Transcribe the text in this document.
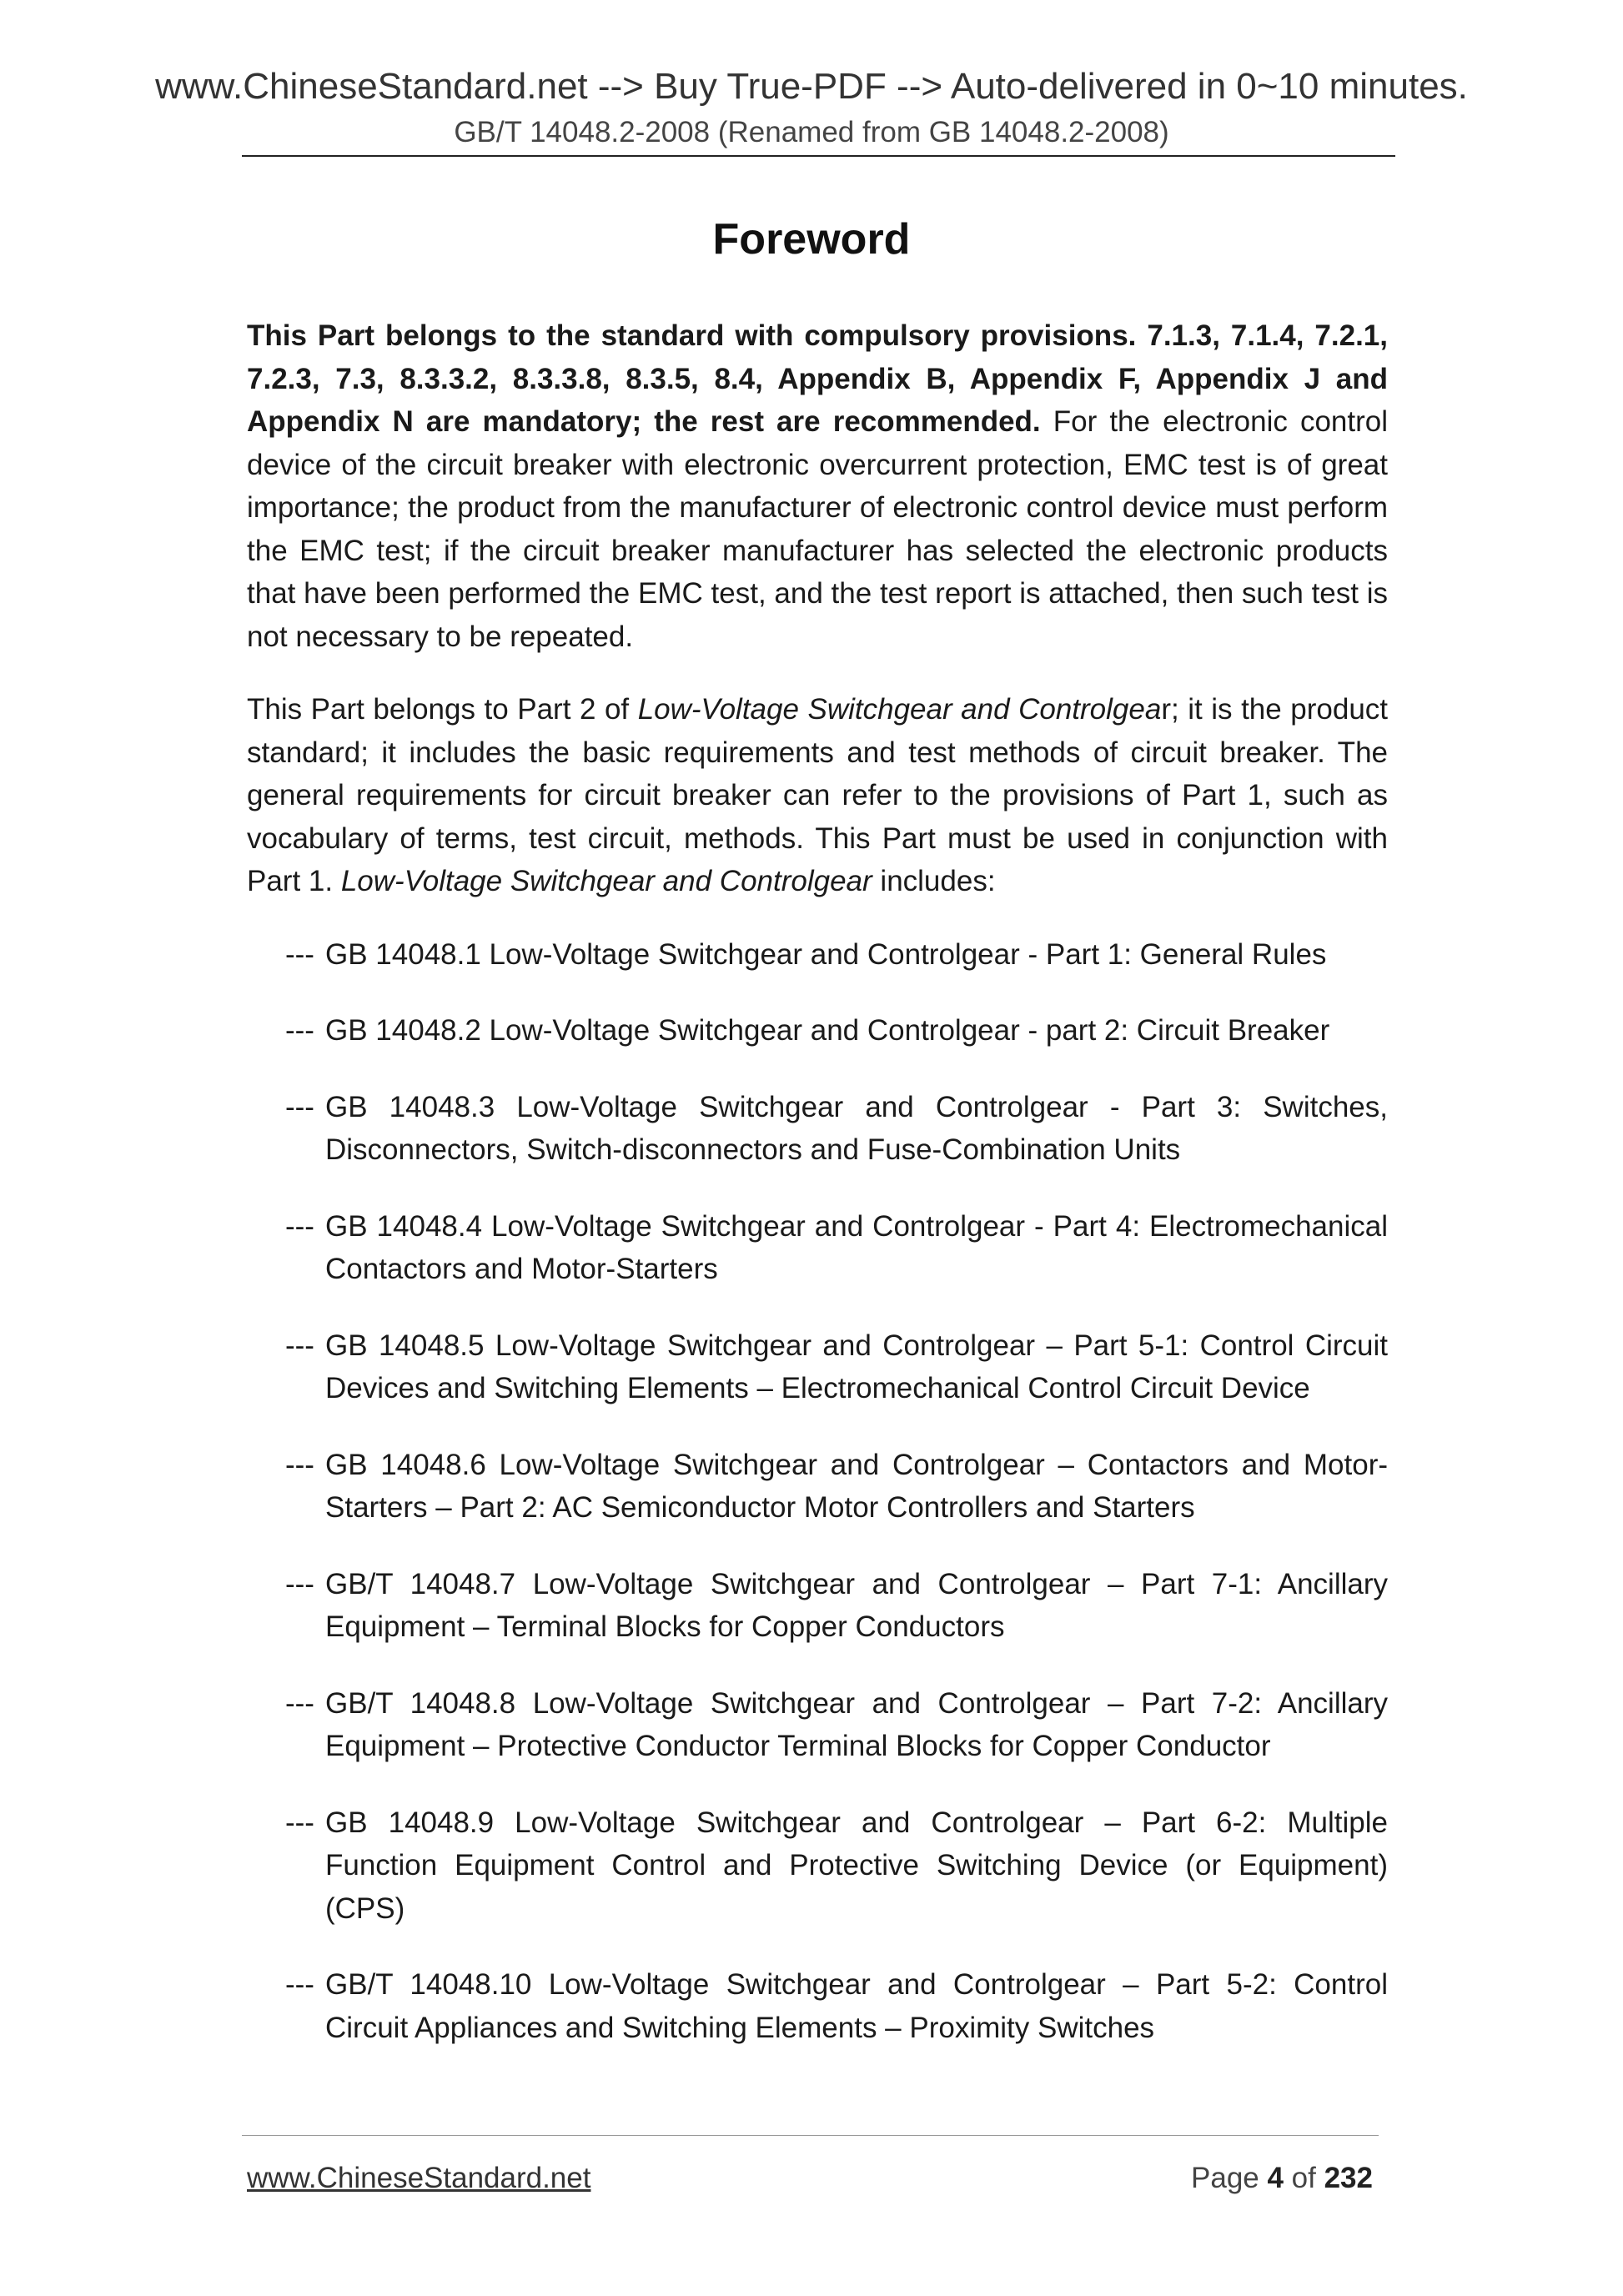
www.ChineseStandard.net --> Buy True-PDF --> Auto-delivered in 0~10 minutes.
GB/T 14048.2-2008 (Renamed from GB 14048.2-2008)
Foreword

This Part belongs to the standard with compulsory provisions. 7.1.3, 7.1.4, 7.2.1, 7.2.3, 7.3, 8.3.3.2, 8.3.3.8, 8.3.5, 8.4, Appendix B, Appendix F, Appendix J and Appendix N are mandatory; the rest are recommended. For the electronic control device of the circuit breaker with electronic overcurrent protection, EMC test is of great importance; the product from the manufacturer of electronic control device must perform the EMC test; if the circuit breaker manufacturer has selected the electronic products that have been performed the EMC test, and the test report is attached, then such test is not necessary to be repeated.

This Part belongs to Part 2 of Low-Voltage Switchgear and Controlgear; it is the product standard; it includes the basic requirements and test methods of circuit breaker. The general requirements for circuit breaker can refer to the provisions of Part 1, such as vocabulary of terms, test circuit, methods. This Part must be used in conjunction with Part 1. Low-Voltage Switchgear and Controlgear includes:

--- GB 14048.1 Low-Voltage Switchgear and Controlgear - Part 1: General Rules
--- GB 14048.2 Low-Voltage Switchgear and Controlgear - part 2: Circuit Breaker
--- GB 14048.3 Low-Voltage Switchgear and Controlgear - Part 3: Switches, Disconnectors, Switch-disconnectors and Fuse-Combination Units
--- GB 14048.4 Low-Voltage Switchgear and Controlgear - Part 4: Electromechanical Contactors and Motor-Starters
--- GB 14048.5 Low-Voltage Switchgear and Controlgear – Part 5-1: Control Circuit Devices and Switching Elements – Electromechanical Control Circuit Device
--- GB 14048.6 Low-Voltage Switchgear and Controlgear – Contactors and Motor-Starters – Part 2: AC Semiconductor Motor Controllers and Starters
--- GB/T 14048.7 Low-Voltage Switchgear and Controlgear – Part 7-1: Ancillary Equipment – Terminal Blocks for Copper Conductors
--- GB/T 14048.8 Low-Voltage Switchgear and Controlgear – Part 7-2: Ancillary Equipment – Protective Conductor Terminal Blocks for Copper Conductor
--- GB 14048.9 Low-Voltage Switchgear and Controlgear – Part 6-2: Multiple Function Equipment Control and Protective Switching Device (or Equipment) (CPS)
--- GB/T 14048.10 Low-Voltage Switchgear and Controlgear – Part 5-2: Control Circuit Appliances and Switching Elements – Proximity Switches
www.ChineseStandard.net	Page 4 of 232
